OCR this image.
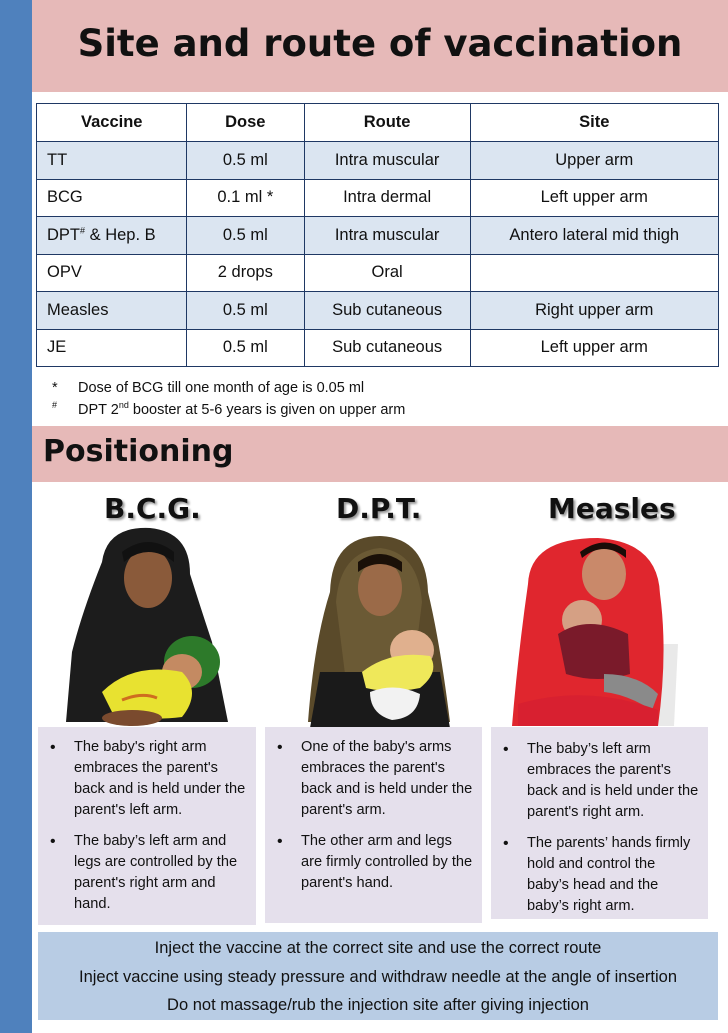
Site and route of vaccination
Vaccine	Dose	Route	Site
TT	0.5 ml	Intra muscular	Upper arm
BCG	0.1 ml *	Intra dermal	Left upper arm
DPT# & Hep. B	0.5 ml	Intra muscular	Antero lateral mid thigh
OPV	2 drops	Oral	
Measles	0.5 ml	Sub cutaneous	Right upper arm
JE	0.5 ml	Sub cutaneous	Left upper arm
* Dose of BCG till one month of age is 0.05 ml
# DPT 2nd booster at 5-6 years is given on upper arm
Positioning
B.C.G.	D.P.T.	Measles
• The baby's right arm embraces the parent's back and is held under the parent's left arm.
• The baby’s left arm and legs are controlled by the parent's right arm and hand.
• One of the baby's arms embraces the parent's back and is held under the parent's arm.
• The other arm and legs are firmly controlled by the parent's hand.
• The baby’s left arm embraces the parent's back and is held under the parent's right arm.
• The parents’ hands firmly hold and control the baby’s head and the baby’s right arm.
Inject the vaccine at the correct site and use the correct route
Inject vaccine using steady pressure and withdraw needle at the angle of insertion
Do not massage/rub the injection site after giving injection
